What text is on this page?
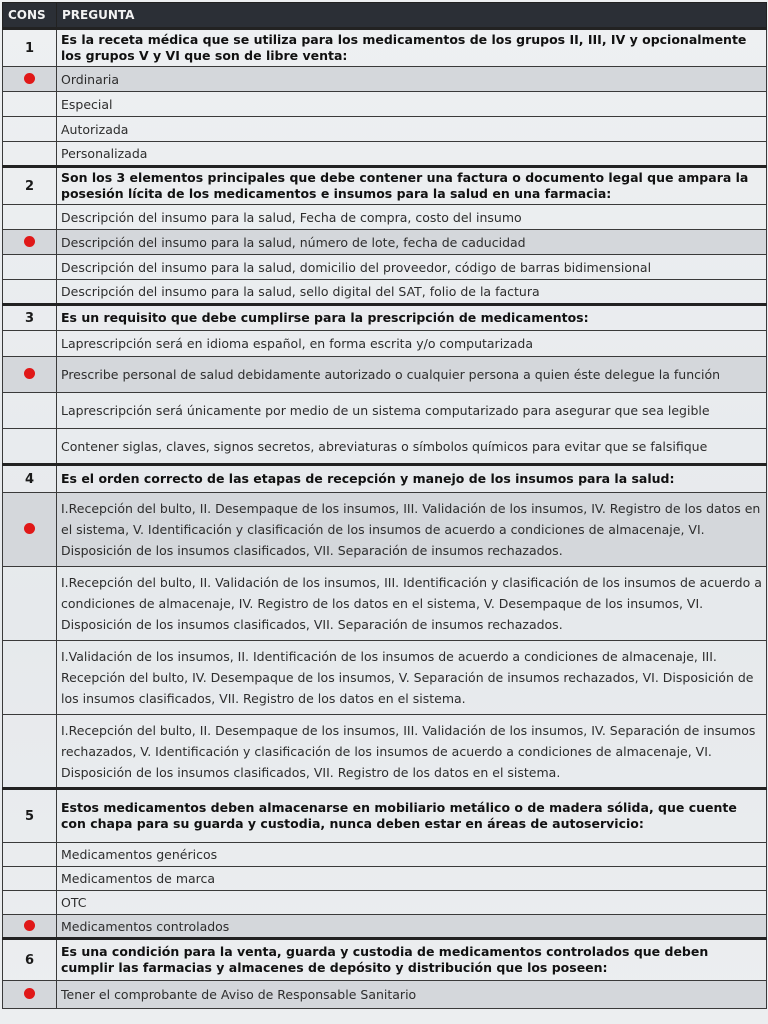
CONS	PREGUNTA
1	Es la receta médica que se utiliza para los medicamentos de los grupos II, III, IV y opcionalmente los grupos V y VI que son de libre venta:
	Ordinaria
	Especial
	Autorizada
	Personalizada
2	Son los 3 elementos principales que debe contener una factura o documento legal que ampara la posesión lícita de los medicamentos e insumos para la salud en una farmacia:
	Descripción del insumo para la salud, Fecha de compra, costo del insumo
	Descripción del insumo para la salud, número de lote, fecha de caducidad
	Descripción del insumo para la salud, domicilio del proveedor, código de barras bidimensional
	Descripción del insumo para la salud, sello digital del SAT, folio de la factura
3	Es un requisito que debe cumplirse para la prescripción de medicamentos:
	Laprescripción será en idioma español, en forma escrita y/o computarizada
	Prescribe personal de salud debidamente autorizado o cualquier persona a quien éste delegue la función
	Laprescripción será únicamente por medio de un sistema computarizado para asegurar que sea legible
	Contener siglas, claves, signos secretos, abreviaturas o símbolos químicos para evitar que se falsifique
4	Es el orden correcto de las etapas de recepción y manejo de los insumos para la salud:
	I.Recepción del bulto, II. Desempaque de los insumos, III. Validación de los insumos, IV. Registro de los datos en el sistema, V. Identificación y clasificación de los insumos de acuerdo a condiciones de almacenaje, VI. Disposición de los insumos clasificados, VII. Separación de insumos rechazados.
	I.Recepción del bulto, II. Validación de los insumos, III. Identificación y clasificación de los insumos de acuerdo a condiciones de almacenaje, IV. Registro de los datos en el sistema, V. Desempaque de los insumos, VI. Disposición de los insumos clasificados, VII. Separación de insumos rechazados.
	I.Validación de los insumos, II. Identificación de los insumos de acuerdo a condiciones de almacenaje, III. Recepción del bulto, IV. Desempaque de los insumos, V. Separación de insumos rechazados, VI. Disposición de los insumos clasificados, VII. Registro de los datos en el sistema.
	I.Recepción del bulto, II. Desempaque de los insumos, III. Validación de los insumos, IV. Separación de insumos rechazados, V. Identificación y clasificación de los insumos de acuerdo a condiciones de almacenaje, VI. Disposición de los insumos clasificados, VII. Registro de los datos en el sistema.
5	Estos medicamentos deben almacenarse en mobiliario metálico o de madera sólida, que cuente con chapa para su guarda y custodia, nunca deben estar en áreas de autoservicio:
	Medicamentos genéricos
	Medicamentos de marca
	OTC
	Medicamentos controlados
6	Es una condición para la venta, guarda y custodia de medicamentos controlados que deben cumplir las farmacias y almacenes de depósito y distribución que los poseen:
	Tener el comprobante de Aviso de Responsable Sanitario
